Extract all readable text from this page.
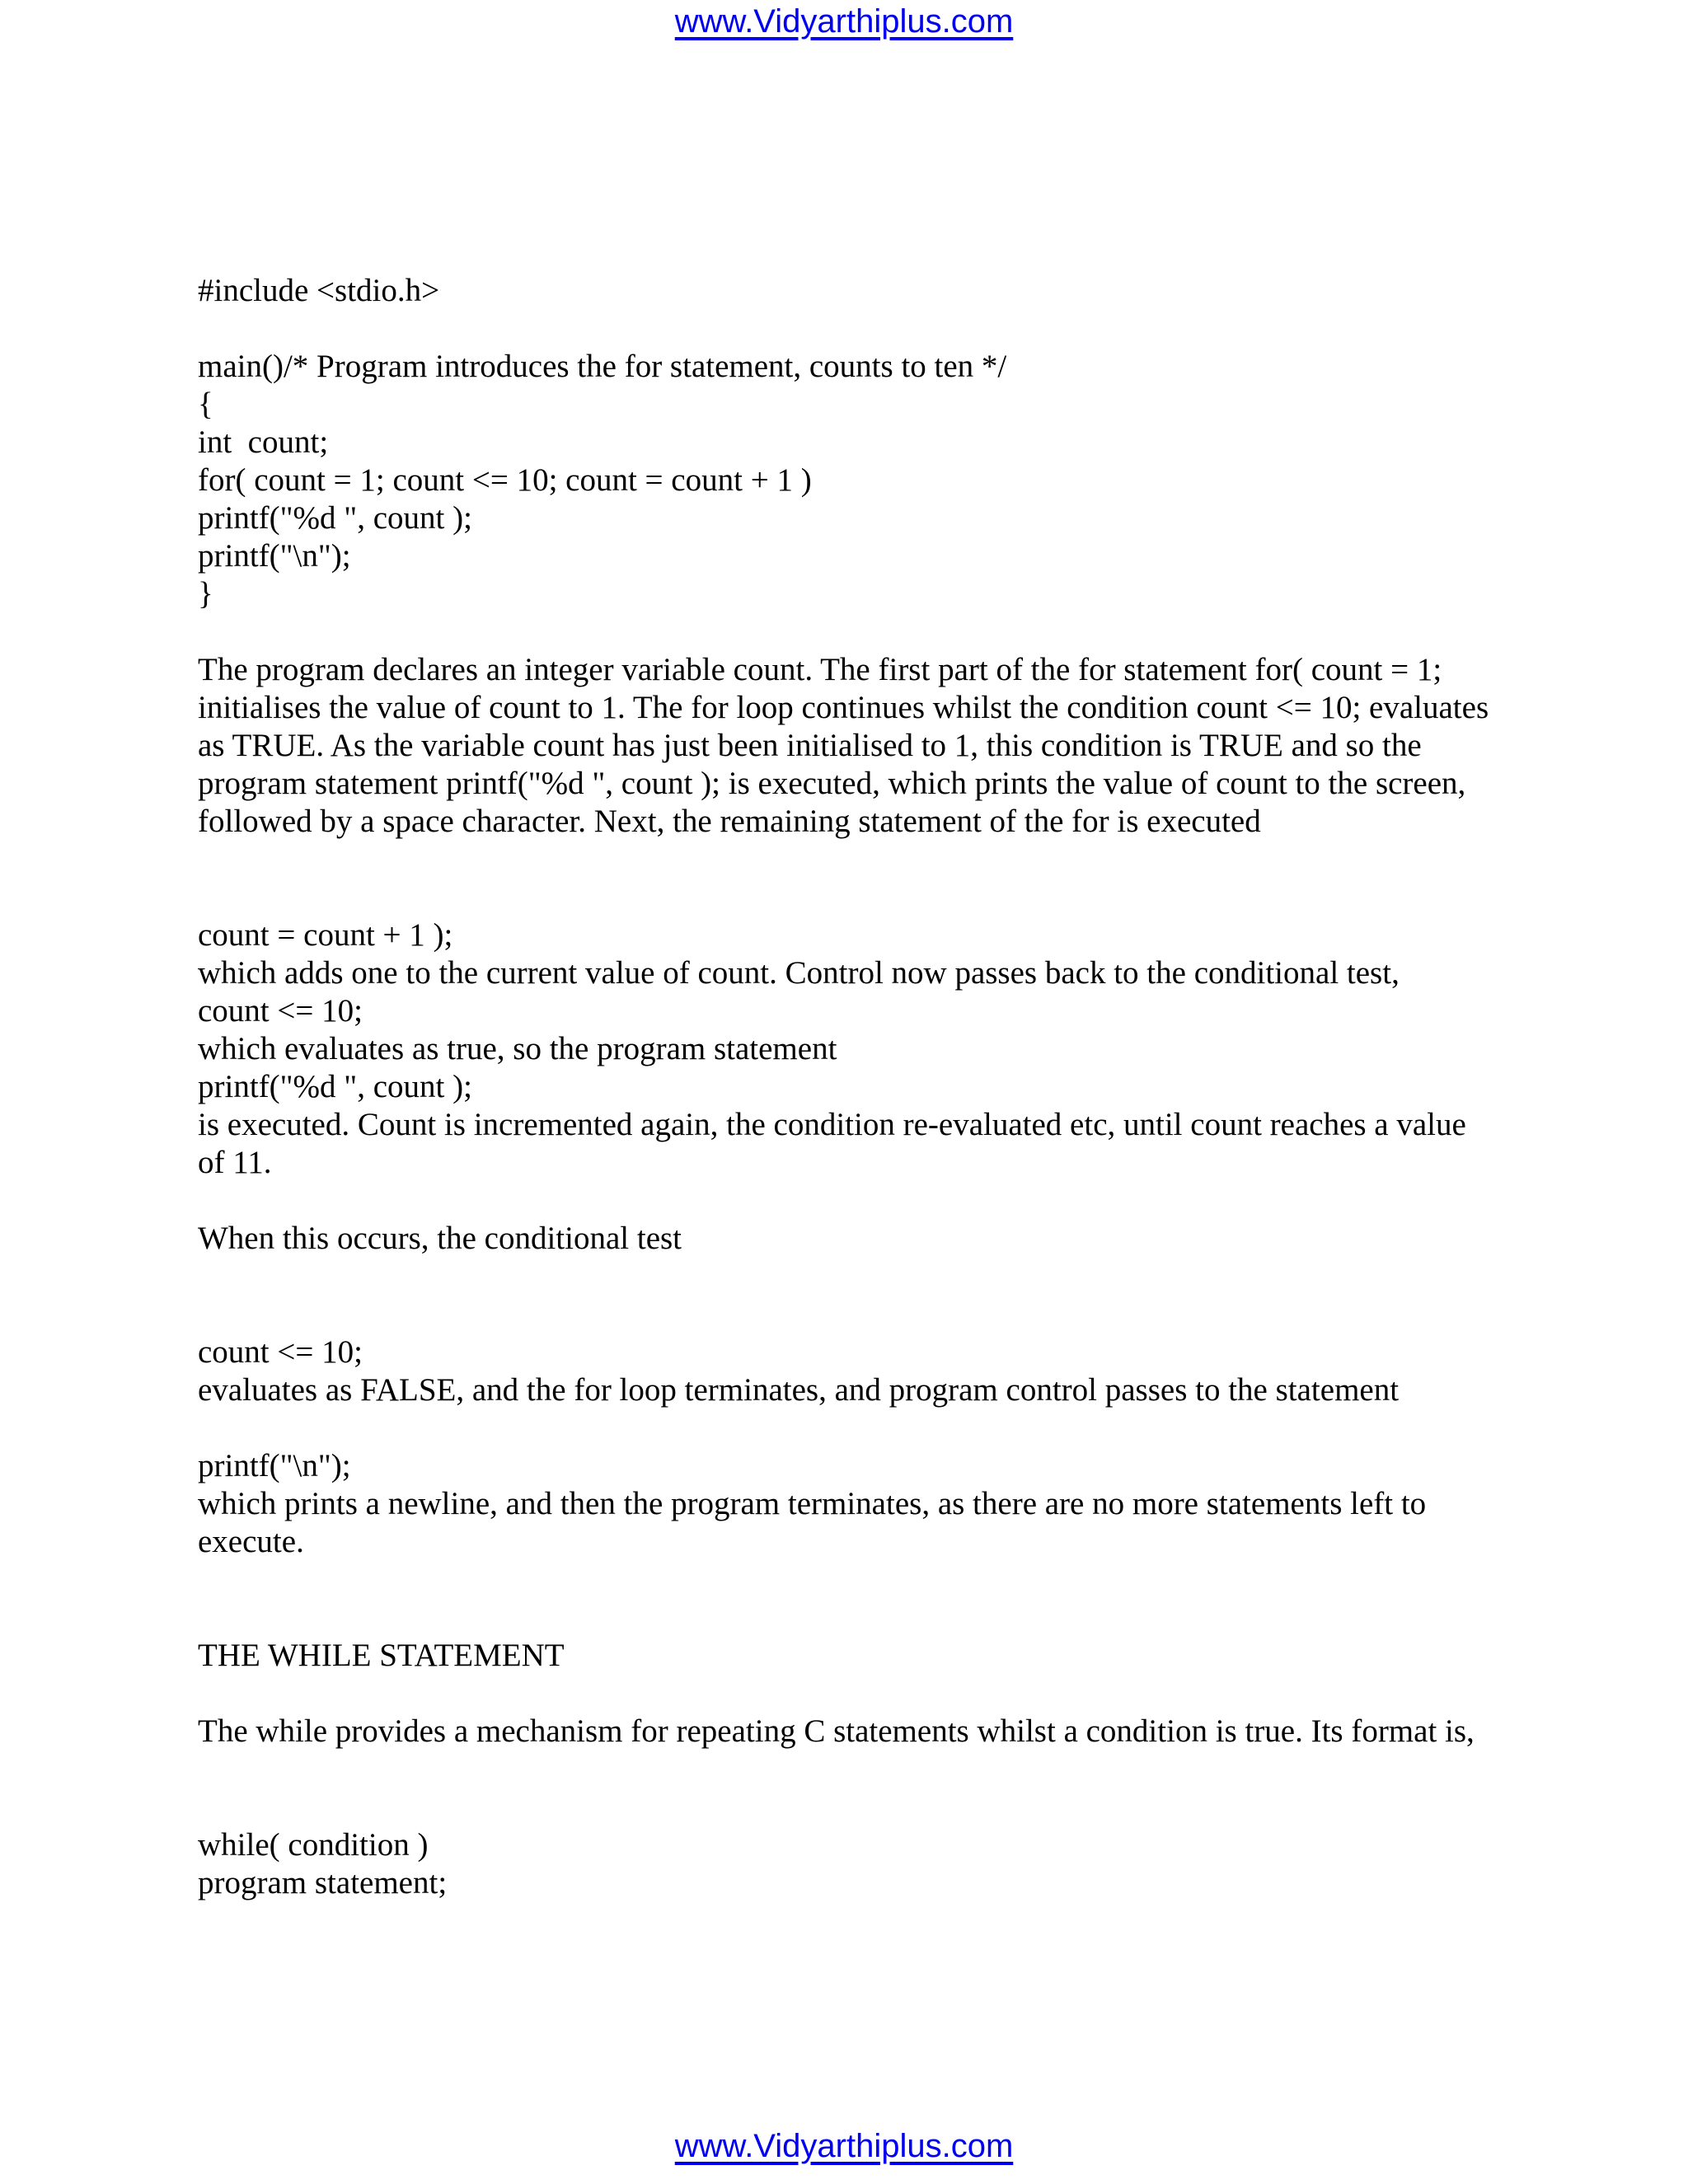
www.Vidyarthiplus.com
#include <stdio.h>

main()/* Program introduces the for statement, counts to ten */
{
int  count;
for( count = 1; count <= 10; count = count + 1 )
printf("%d ", count );
printf("\n");
}

The program declares an integer variable count. The first part of the for statement for( count = 1; initialises the value of count to 1. The for loop continues whilst the condition count <= 10; evaluates as TRUE. As the variable count has just been initialised to 1, this condition is TRUE and so the program statement printf("%d ", count ); is executed, which prints the value of count to the screen, followed by a space character. Next, the remaining statement of the for is executed

count = count + 1 );
which adds one to the current value of count. Control now passes back to the conditional test,
count <= 10;
which evaluates as true, so the program statement
printf("%d ", count );

is executed. Count is incremented again, the condition re-evaluated etc, until count reaches a value of 11.

When this occurs, the conditional test

count <= 10;
evaluates as FALSE, and the for loop terminates, and program control passes to the statement
printf("\n");

which prints a newline, and then the program terminates, as there are no more statements left to execute.

THE WHILE STATEMENT

The while provides a mechanism for repeating C statements whilst a condition is true. Its format is,

while( condition )
program statement;
www.Vidyarthiplus.com
